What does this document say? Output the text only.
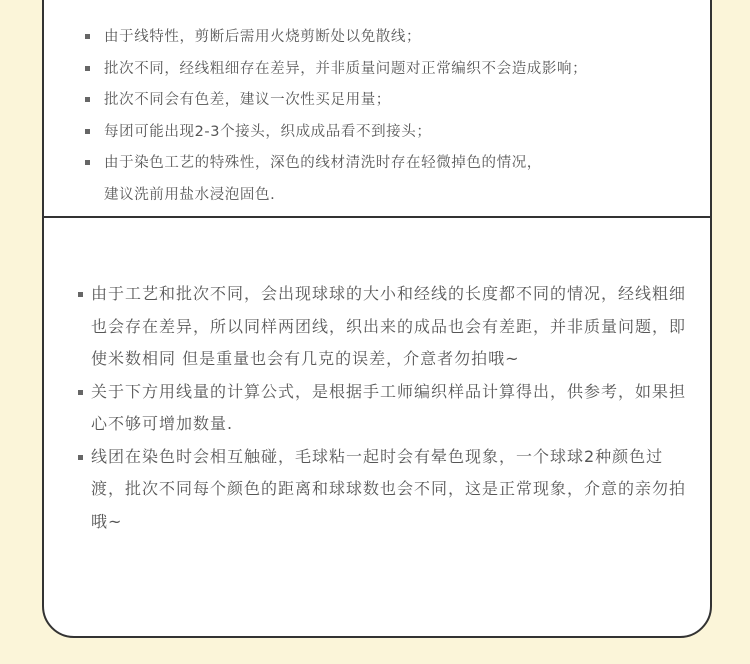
由于线特性，剪断后需用火烧剪断处以免散线；
批次不同，经线粗细存在差异，并非质量问题对正常编织不会造成影响；
批次不同会有色差，建议一次性买足用量；
每团可能出现2-3个接头，织成成品看不到接头；
由于染色工艺的特殊性，深色的线材清洗时存在轻微掉色的情况，
建议洗前用盐水浸泡固色.
由于工艺和批次不同，会出现球球的大小和经线的长度都不同的情况，经线粗细也会存在差异，所以同样两团线，织出来的成品也会有差距，并非质量问题，即使米数相同 但是重量也会有几克的误差，介意者勿拍哦~
关于下方用线量的计算公式，是根据手工师编织样品计算得出，供参考，如果担心不够可增加数量.
线团在染色时会相互触碰，毛球粘一起时会有晕色现象，一个球球2种颜色过渡，批次不同每个颜色的距离和球球数也会不同，这是正常现象，介意的亲勿拍哦~
